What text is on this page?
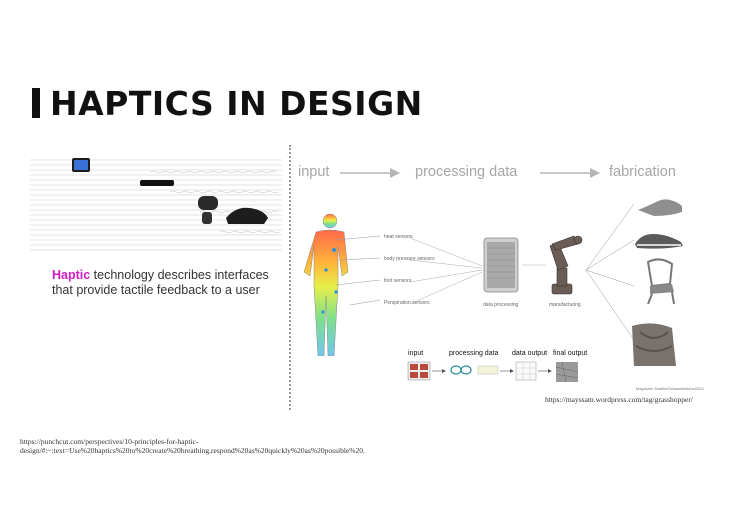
HAPTICS IN DESIGN
Haptic technology describes interfaces that provide tactile feedback to a user
https://punchcut.com/perspectives/10-principles-for-haptic-design/#:~:text=Use%20haptics%20to%20create%20breathing,respond%20as%20quickly%20as%20possible%20.
input	processing data	fabrication
heat sensors
body pressure sensors
foot sensors
Perspiration sensors	data processing	manufacturing
input	processing data data output final output
Mayssam Shaffer/Schawniilstone2023
https://mayssam.wordpress.com/tag/grasshopper/
